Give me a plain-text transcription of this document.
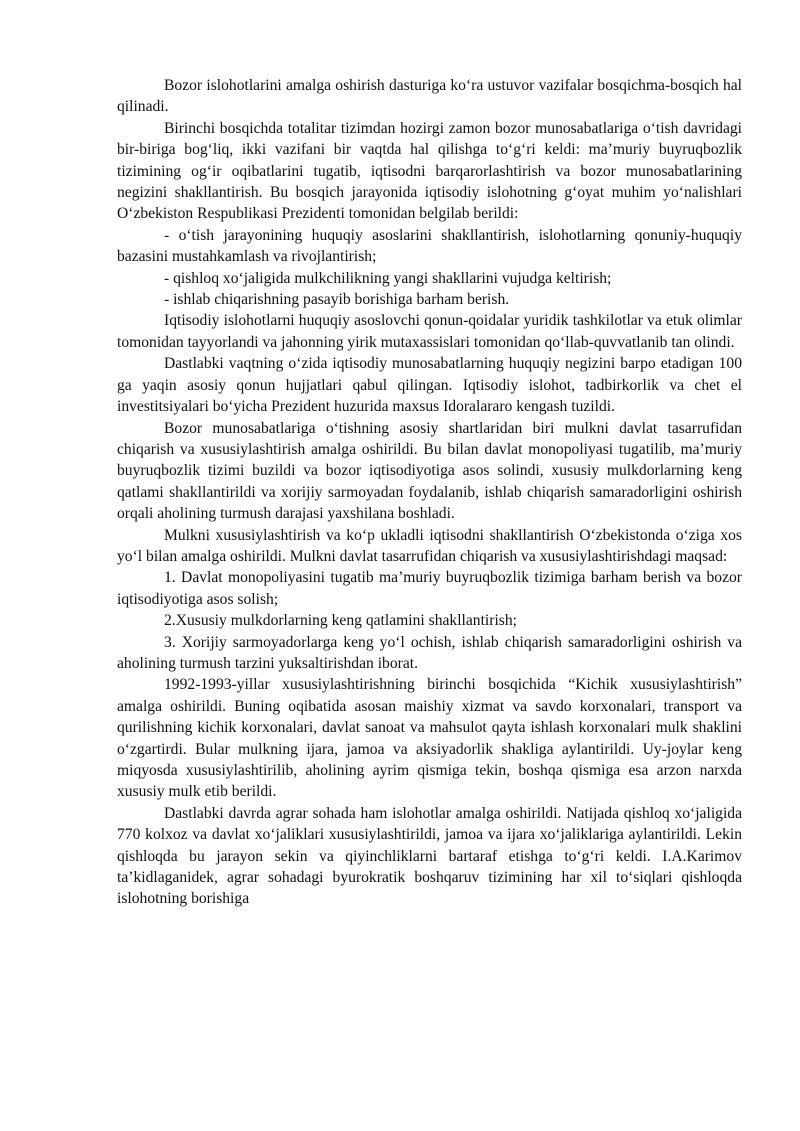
Bozor islohotlarini amalga oshirish dasturiga ko‘ra ustuvor vazifalar bosqichma-bosqich hal qilinadi.

Birinchi bosqichda totalitar tizimdan hozirgi zamon bozor munosabatlariga o‘tish davridagi bir-biriga bog‘liq, ikki vazifani bir vaqtda hal qilishga to‘g‘ri keldi: ma’muriy buyruqbozlik tizimining og‘ir oqibatlarini tugatib, iqtisodni barqarorlashtirish va bozor munosabatlarining negizini shakllantirish. Bu bosqich jarayonida iqtisodiy islohotning g‘oyat muhim yo‘nalishlari O‘zbekiston Respublikasi Prezidenti tomonidan belgilab berildi:

- o‘tish jarayonining huquqiy asoslarini shakllantirish, islohotlarning qonuniy-huquqiy bazasini mustahkamlash va rivojlantirish;

- qishloq xo‘jaligida mulkchilikning yangi shakllarini vujudga keltirish;

- ishlab chiqarishning pasayib borishiga barham berish.

Iqtisodiy islohotlarni huquqiy asoslovchi qonun-qoidalar yuridik tashkilotlar va etuk olimlar tomonidan tayyorlandi va jahonning yirik mutaxassislari tomonidan qo‘llab-quvvatlanib tan olindi.

Dastlabki vaqtning o‘zida iqtisodiy munosabatlarning huquqiy negizini barpo etadigan 100 ga yaqin asosiy qonun hujjatlari qabul qilingan. Iqtisodiy islohot, tadbirkorlik va chet el investitsiyalari bo‘yicha Prezident huzurida maxsus Idoralararo kengash tuzildi.

Bozor munosabatlariga o‘tishning asosiy shartlaridan biri mulkni davlat tasarrufidan chiqarish va xususiylashtirish amalga oshirildi. Bu bilan davlat monopoliyasi tugatilib, ma’muriy buyruqbozlik tizimi buzildi va bozor iqtisodiyotiga asos solindi, xususiy mulkdorlarning keng qatlami shakllantirildi va xorijiy sarmoyadan foydalanib, ishlab chiqarish samaradorligini oshirish orqali aholining turmush darajasi yaxshilana boshladi.

Mulkni xususiylashtirish va ko‘p ukladli iqtisodni shakllantirish O‘zbekistonda o‘ziga xos yo‘l bilan amalga oshirildi. Mulkni davlat tasarrufidan chiqarish va xususiylashtirishdagi maqsad:

1. Davlat monopoliyasini tugatib ma’muriy buyruqbozlik tizimiga barham berish va bozor iqtisodiyotiga asos solish;

2.Xususiy mulkdorlarning keng qatlamini shakllantirish;

3. Xorijiy sarmoyadorlarga keng yo‘l ochish, ishlab chiqarish samaradorligini oshirish va aholining turmush tarzini yuksaltirishdan iborat.

1992-1993-yillar xususiylashtirishning birinchi bosqichida “Kichik xususiylashtirish” amalga oshirildi. Buning oqibatida asosan maishiy xizmat va savdo korxonalari, transport va qurilishning kichik korxonalari, davlat sanoat va mahsulot qayta ishlash korxonalari mulk shaklini o‘zgartirdi. Bular mulkning ijara, jamoa va aksiyadorlik shakliga aylantirildi. Uy-joylar keng miqyosda xususiylashtirilib, aholining ayrim qismiga tekin, boshqa qismiga esa arzon narxda xususiy mulk etib berildi.

Dastlabki davrda agrar sohada ham islohotlar amalga oshirildi. Natijada qishloq xo‘jaligida 770 kolxoz va davlat xo‘jaliklari xususiylashtirildi, jamoa va ijara xo‘jaliklariga aylantirildi. Lekin qishloqda bu jarayon sekin va qiyinchliklarni bartaraf etishga to‘g‘ri keldi. I.A.Karimov ta’kidlaganidek, agrar sohadagi byurokratik boshqaruv tizimining har xil to‘siqlari qishloqda islohotning borishiga
